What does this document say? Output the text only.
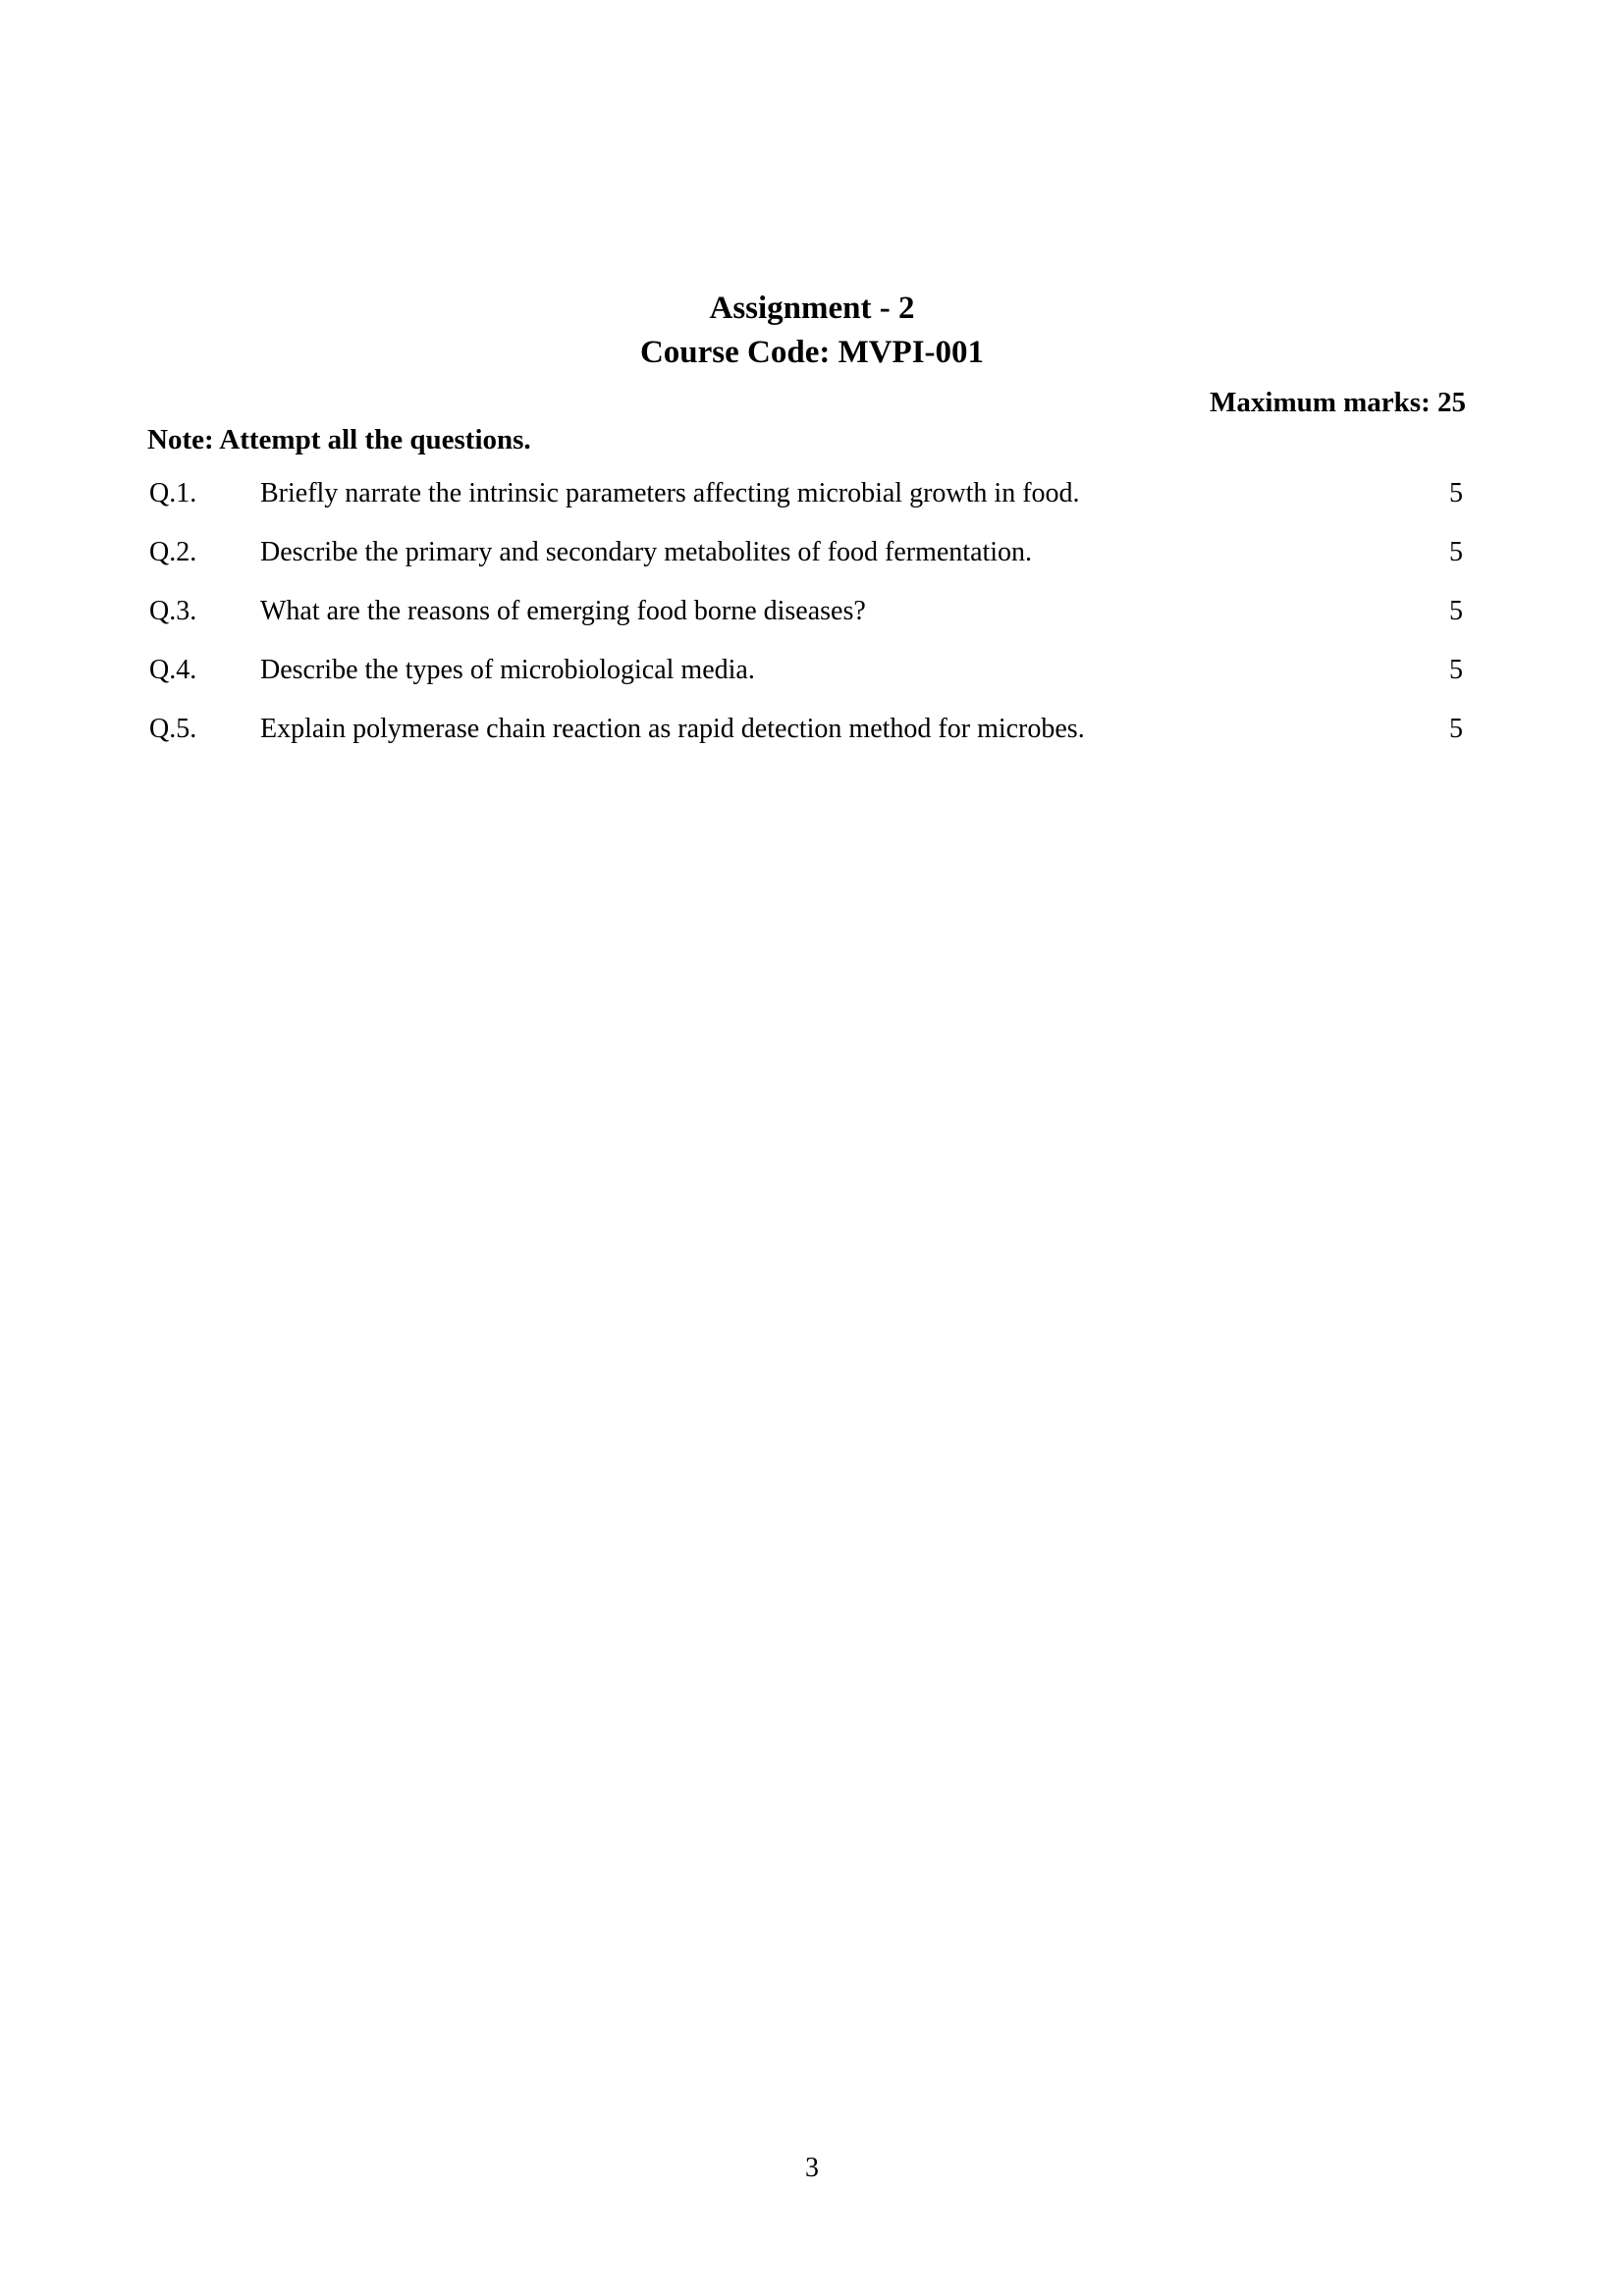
Assignment - 2
Course Code: MVPI-001
Maximum marks: 25
Note: Attempt all the questions.
Q.1.	Briefly narrate the intrinsic parameters affecting microbial growth in food.	5
Q.2.	Describe the primary and secondary metabolites of food fermentation.	5
Q.3.	What are the reasons of emerging food borne diseases?	5
Q.4.	Describe the types of microbiological media.	5
Q.5.	Explain polymerase chain reaction as rapid detection method for microbes.	5
3
